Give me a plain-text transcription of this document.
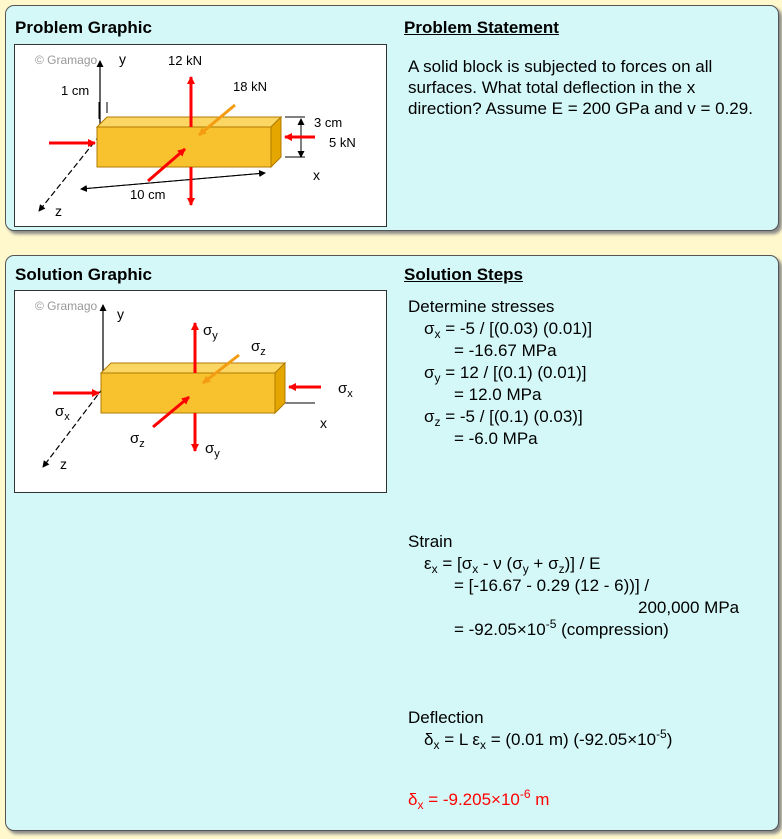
Problem Graphic	Problem Statement
© Gramago y
z
x
1 cm
3 cm
10 cm
5 kN
12 kN
18 kN
A solid block is subjected to forces on all surfaces. What total deflection in the x direction? Assume E = 200 GPa and v = 0.29.
Solution Graphic	Solution Steps
© Gramago y
z
x
$\sigma_x$
$\sigma_x$
$\sigma_y$
$\sigma_y$
$\sigma_z$
$\sigma_z$
Determine stresses
$\sigma_x = -5 / [(0.03)$ (0.01)]
= -16.67 MPa
$\sigma_y = 12 / [(0.1)$ (0.01)]
= 12.0 MPa
$\sigma_z = -5 / [(0.1)$ (0.03)]
= -6.0 MPa
Strain
$\varepsilon_x = [\sigma_x - \nu$ $(\sigma_y + \sigma_z)] / E$
= [-16.67 - 0.29 (12 - 6))] /
200,000 MPa
= $-92.05\times 10^{-5}$ (compression)
Deflection
$\delta_x = L$ $\varepsilon_x = (0.01$ m) $(-92.05\times 10^{-5})$
$\delta_x = -9.205\times 10^{-6}$ m
